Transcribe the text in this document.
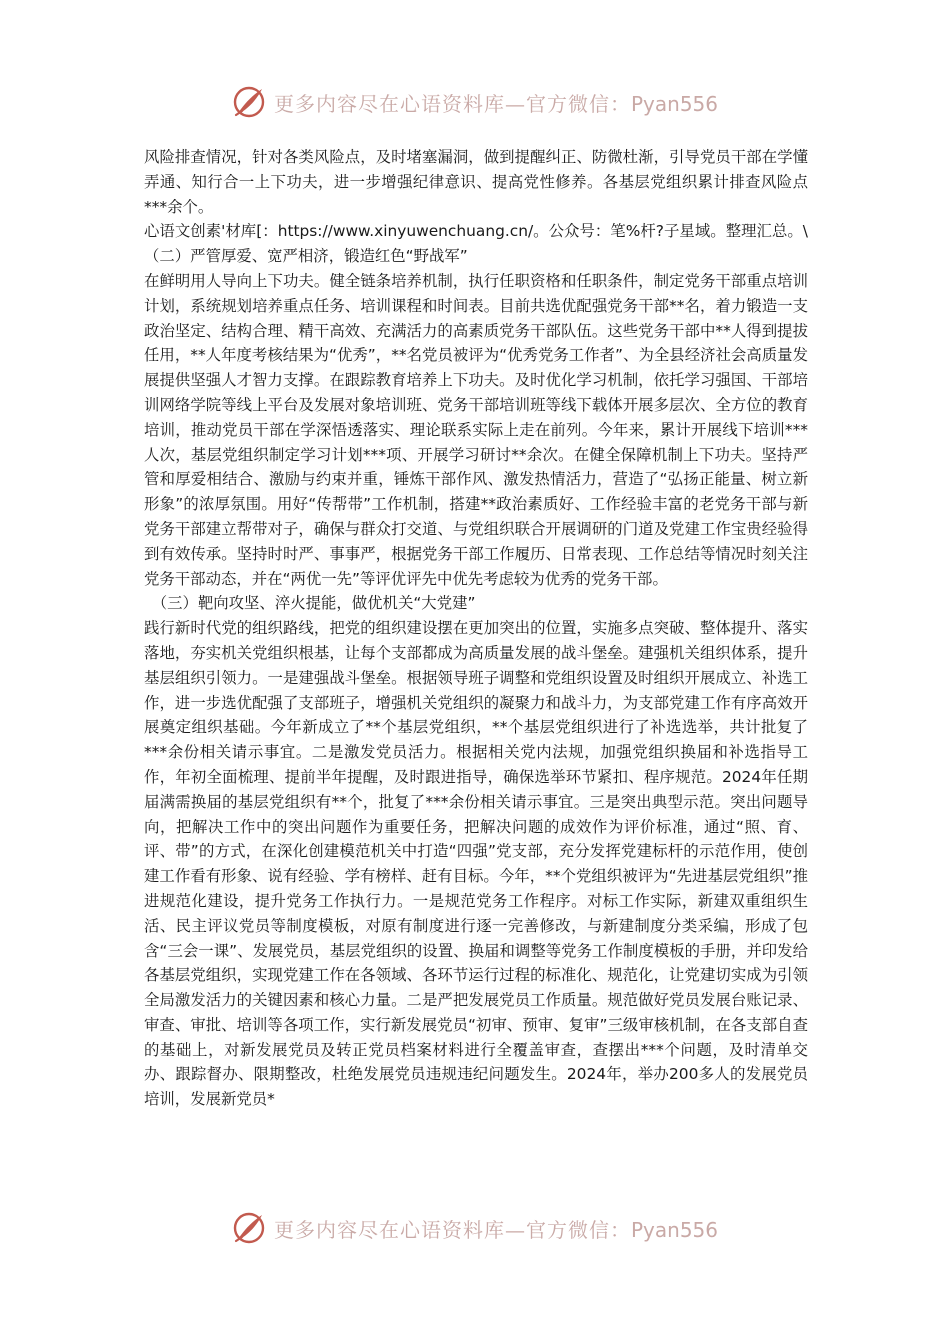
更多内容尽在心语资料库—官方微信：Pyan556

风险排查情况，针对各类风险点，及时堵塞漏洞，做到提醒纠正、防微杜渐，引导党员干部在学懂弄通、知行合一上下功夫，进一步增强纪律意识、提高党性修养。各基层党组织累计排查风险点***余个。

心语文创素'材库[：https://www.xinyuwenchuang.cn/。公众号：笔%杆?子星域。整理汇总。\（二）严管厚爱、宽严相济，锻造红色“野战军”

在鲜明用人导向上下功夫。健全链条培养机制，执行任职资格和任职条件，制定党务干部重点培训计划，系统规划培养重点任务、培训课程和时间表。目前共选优配强党务干部**名，着力锻造一支政治坚定、结构合理、精干高效、充满活力的高素质党务干部队伍。这些党务干部中**人得到提拔任用，**人年度考核结果为“优秀”，**名党员被评为“优秀党务工作者”、为全县经济社会高质量发展提供坚强人才智力支撑。在跟踪教育培养上下功夫。及时优化学习机制，依托学习强国、干部培训网络学院等线上平台及发展对象培训班、党务干部培训班等线下载体开展多层次、全方位的教育培训，推动党员干部在学深悟透落实、理论联系实际上走在前列。今年来，累计开展线下培训***人次，基层党组织制定学习计划***项、开展学习研讨**余次。在健全保障机制上下功夫。坚持严管和厚爱相结合、激励与约束并重，锤炼干部作风、激发热情活力，营造了“弘扬正能量、树立新形象”的浓厚氛围。用好“传帮带”工作机制，搭建**政治素质好、工作经验丰富的老党务干部与新党务干部建立帮带对子，确保与群众打交道、与党组织联合开展调研的门道及党建工作宝贵经验得到有效传承。坚持时时严、事事严，根据党务干部工作履历、日常表现、工作总结等情况时刻关注党务干部动态，并在“两优一先”等评优评先中优先考虑较为优秀的党务干部。

（三）靶向攻坚、淬火提能，做优机关“大党建”

践行新时代党的组织路线，把党的组织建设摆在更加突出的位置，实施多点突破、整体提升、落实落地，夯实机关党组织根基，让每个支部都成为高质量发展的战斗堡垒。建强机关组织体系，提升基层组织引领力。一是建强战斗堡垒。根据领导班子调整和党组织设置及时组织开展成立、补选工作，进一步选优配强了支部班子，增强机关党组织的凝聚力和战斗力，为支部党建工作有序高效开展奠定组织基础。今年新成立了**个基层党组织，**个基层党组织进行了补选选举，共计批复了***余份相关请示事宜。二是激发党员活力。根据相关党内法规，加强党组织换届和补选指导工作，年初全面梳理、提前半年提醒，及时跟进指导，确保选举环节紧扣、程序规范。2024年任期届满需换届的基层党组织有**个，批复了***余份相关请示事宜。三是突出典型示范。突出问题导向，把解决工作中的突出问题作为重要任务，把解决问题的成效作为评价标准，通过“照、育、评、带”的方式，在深化创建模范机关中打造“四强”党支部，充分发挥党建标杆的示范作用，使创建工作看有形象、说有经验、学有榜样、赶有目标。今年，**个党组织被评为“先进基层党组织”推进规范化建设，提升党务工作执行力。一是规范党务工作程序。对标工作实际，新建双重组织生活、民主评议党员等制度模板，对原有制度进行逐一完善修改，与新建制度分类采编，形成了包含“三会一课”、发展党员，基层党组织的设置、换届和调整等党务工作制度模板的手册，并印发给各基层党组织，实现党建工作在各领域、各环节运行过程的标准化、规范化，让党建切实成为引领全局激发活力的关键因素和核心力量。二是严把发展党员工作质量。规范做好党员发展台账记录、审查、审批、培训等各项工作，实行新发展党员“初审、预审、复审”三级审核机制，在各支部自查的基础上，对新发展党员及转正党员档案材料进行全覆盖审查，查摆出***个问题，及时清单交办、跟踪督办、限期整改，杜绝发展党员违规违纪问题发生。2024年，举办200多人的发展党员培训，发展新党员*

更多内容尽在心语资料库—官方微信：Pyan556
